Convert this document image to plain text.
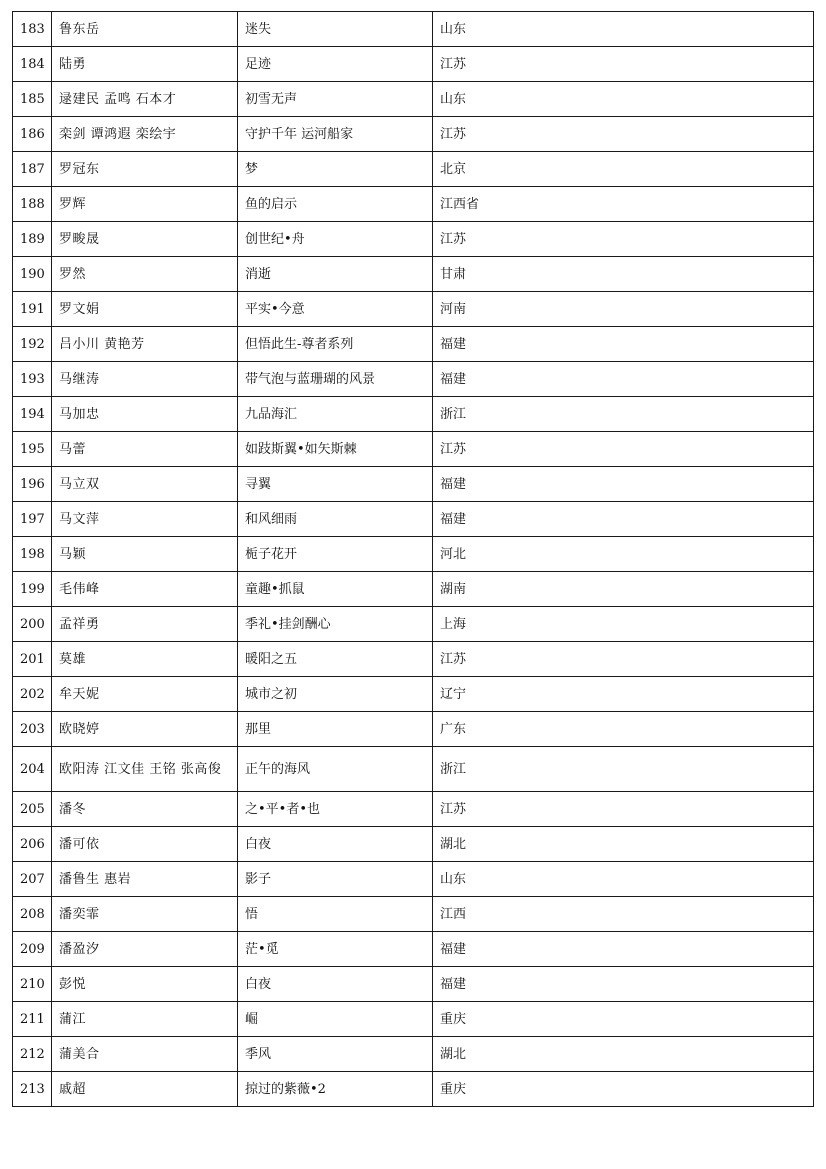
183	鲁东岳	迷失	山东
184	陆勇	足迹	江苏
185	逯建民 孟鸣 石本才	初雪无声	山东
186	栾剑 谭鸿遐 栾绘宇	守护千年 运河船家	江苏
187	罗冠东	梦	北京
188	罗辉	鱼的启示	江西省
189	罗畯晟	创世纪•舟	江苏
190	罗然	消逝	甘肃
191	罗文娟	平实•今意	河南
192	吕小川 黄艳芳	但悟此生-尊者系列	福建
193	马继涛	带气泡与蓝珊瑚的风景	福建
194	马加忠	九品海汇	浙江
195	马蕾	如跂斯翼•如矢斯棘	江苏
196	马立双	寻翼	福建
197	马文萍	和风细雨	福建
198	马颖	栀子花开	河北
199	毛伟峰	童趣•抓鼠	湖南
200	孟祥勇	季礼•挂剑酬心	上海
201	莫雄	暖阳之五	江苏
202	牟天妮	城市之初	辽宁
203	欧晓婷	那里	广东
204	欧阳涛 江文佳 王铭 张高俊	正午的海风	浙江
205	潘冬	之•平•者•也	江苏
206	潘可依	白夜	湖北
207	潘鲁生 惠岩	影子	山东
208	潘奕霏	悟	江西
209	潘盈汐	茫•觅	福建
210	彭悦	白夜	福建
211	蒲江	崛	重庆
212	蒲美合	季风	湖北
213	戚超	掠过的紫薇•2	重庆
